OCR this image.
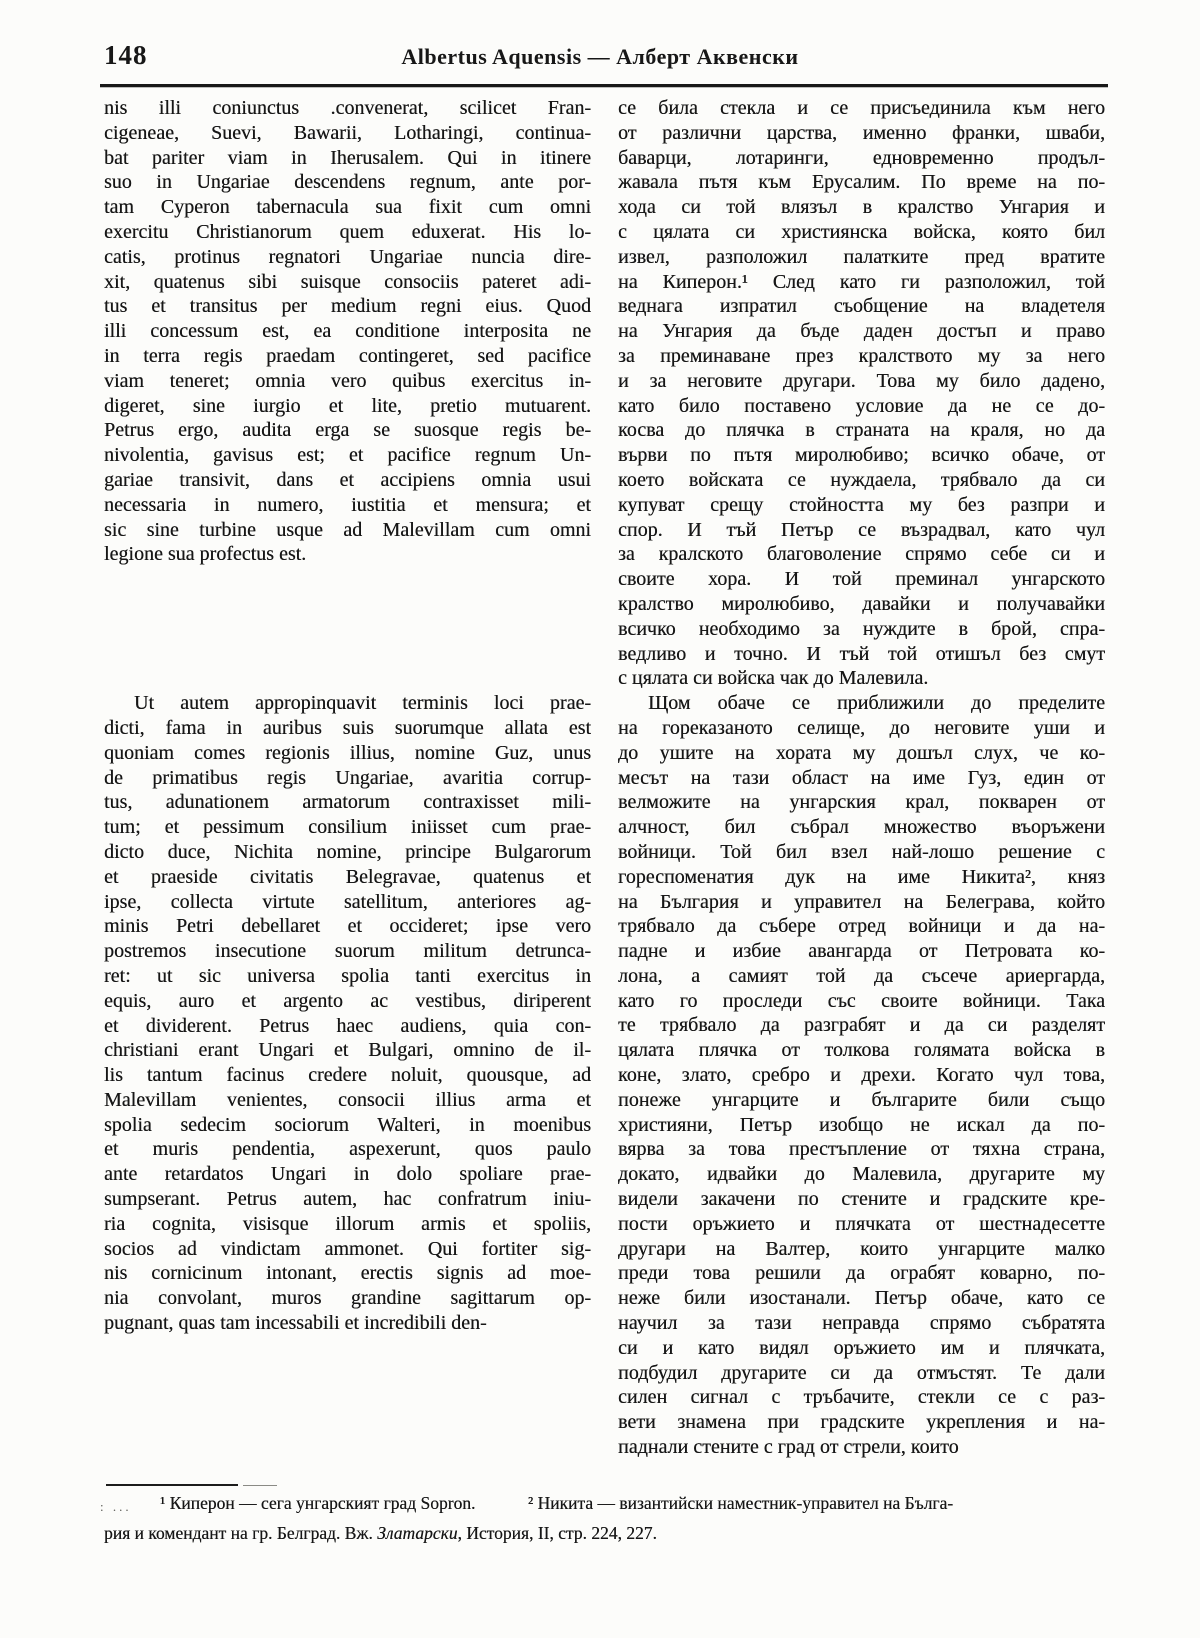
148	Albertus Aquensis — Алберт Аквенски
nis illi coniunctus .convenerat, scilicet Fran-
cigeneae, Suevi, Bawarii, Lotharingi, continua-
bat pariter viam in Iherusalem. Qui in itinere
suo in Ungariae descendens regnum, ante por-
tam Cyperon tabernacula sua fixit cum omni
exercitu Christianorum quem eduxerat. His lo-
catis, protinus regnatori Ungariae nuncia dire-
xit, quatenus sibi suisque consociis pateret adi-
tus et transitus per medium regni eius. Quod
illi concessum est, ea conditione interposita ne
in terra regis praedam contingeret, sed pacifice
viam teneret; omnia vero quibus exercitus in-
digeret, sine iurgio et lite, pretio mutuarent.
Petrus ergo, audita erga se suosque regis be-
nivolentia, gavisus est; et pacifice regnum Un-
gariae transivit, dans et accipiens omnia usui
necessaria in numero, iustitia et mensura; et
sic sine turbine usque ad Malevillam cum omni
legione sua profectus est.
Ut autem appropinquavit terminis loci prae-
dicti, fama in auribus suis suorumque allata est
quoniam comes regionis illius, nomine Guz, unus
de primatibus regis Ungariae, avaritia corrup-
tus, adunationem armatorum contraxisset mili-
tum; et pessimum consilium iniisset cum prae-
dicto duce, Nichita nomine, principe Bulgarorum
et praeside civitatis Belegravae, quatenus et
ipse, collecta virtute satellitum, anteriores ag-
minis Petri debellaret et occideret; ipse vero
postremos insecutione suorum militum detrunca-
ret: ut sic universa spolia tanti exercitus in
equis, auro et argento ac vestibus, diriperent
et dividerent. Petrus haec audiens, quia con-
christiani erant Ungari et Bulgari, omnino de il-
lis tantum facinus credere noluit, quousque, ad
Malevillam venientes, consocii illius arma et
spolia sedecim sociorum Walteri, in moenibus
et muris pendentia, aspexerunt, quos paulo
ante retardatos Ungari in dolo spoliare prae-
sumpserant. Petrus autem, hac confratrum iniu-
ria cognita, visisque illorum armis et spoliis,
socios ad vindictam ammonet. Qui fortiter sig-
nis cornicinum intonant, erectis signis ad moe-
nia convolant, muros grandine sagittarum op-
pugnant, quas tam incessabili et incredibili den-
се била стекла и се присъединила към него
от различни царства, именно франки, шваби,
баварци, лотаринги, едновременно продъл-
жавала пътя към Ерусалим. По време на по-
хода си той влязъл в кралство Унгария и
с цялата си християнска войска, която бил
извел, разположил палатките пред вратите
на Киперон.¹ След като ги разположил, той
веднага изпратил съобщение на владетеля
на Унгария да бъде даден достъп и право
за преминаване през кралството му за него
и за неговите другари. Това му било дадено,
като било поставено условие да не се до-
косва до плячка в страната на краля, но да
върви по пътя миролюбиво; всичко обаче, от
което войската се нуждаела, трябвало да си
купуват срещу стойността му без разпри и
спор. И тъй Петър се възрадвал, като чул
за кралското благоволение спрямо себе си и
своите хора. И той преминал унгарското
кралство миролюбиво, давайки и получавайки
всичко необходимо за нуждите в брой, спра-
ведливо и точно. И тъй той отишъл без смут
с цялата си войска чак до Малевила.
Щом обаче се приближили до пределите
на гореказаното селище, до неговите уши и
до ушите на хората му дошъл слух, че ко-
месът на тази област на име Гуз, един от
велможите на унгарския крал, покварен от
алчност, бил събрал множество въоръжени
войници. Той бил взел най-лошо решение с
гореспоменатия дук на име Никита², княз
на България и управител на Белеграва, който
трябвало да събере отред войници и да на-
падне и избие авангарда от Петровата ко-
лона, а самият той да съсече ариергарда,
като го проследи със своите войници. Така
те трябвало да разграбят и да си разделят
цялата плячка от толкова голямата войска в
коне, злато, сребро и дрехи. Когато чул това,
понеже унгарците и българите били също
християни, Петър изобщо не искал да по-
вярва за това престъпление от тяхна страна,
докато, идвайки до Малевила, другарите му
видели закачени по стените и градските кре-
пости оръжието и плячката от шестнадесетте
другари на Валтер, които унгарците малко
преди това решили да ограбят коварно, по-
неже били изостанали. Петър обаче, като се
научил за тази неправда спрямо събратята
си и като видял оръжието им и плячката,
подбудил другарите си да отмъстят. Те дали
силен сигнал с тръбачите, стекли се с раз-
вети знамена при градските укрепления и на-
паднали стените с град от стрели, които
: ...	¹ Киперон — сега унгарският град Sopron.	² Никита — византийски наместник-управител на Бълга-
рия и комендант на гр. Белград. Вж. Златарски, История, II, стр. 224, 227.
